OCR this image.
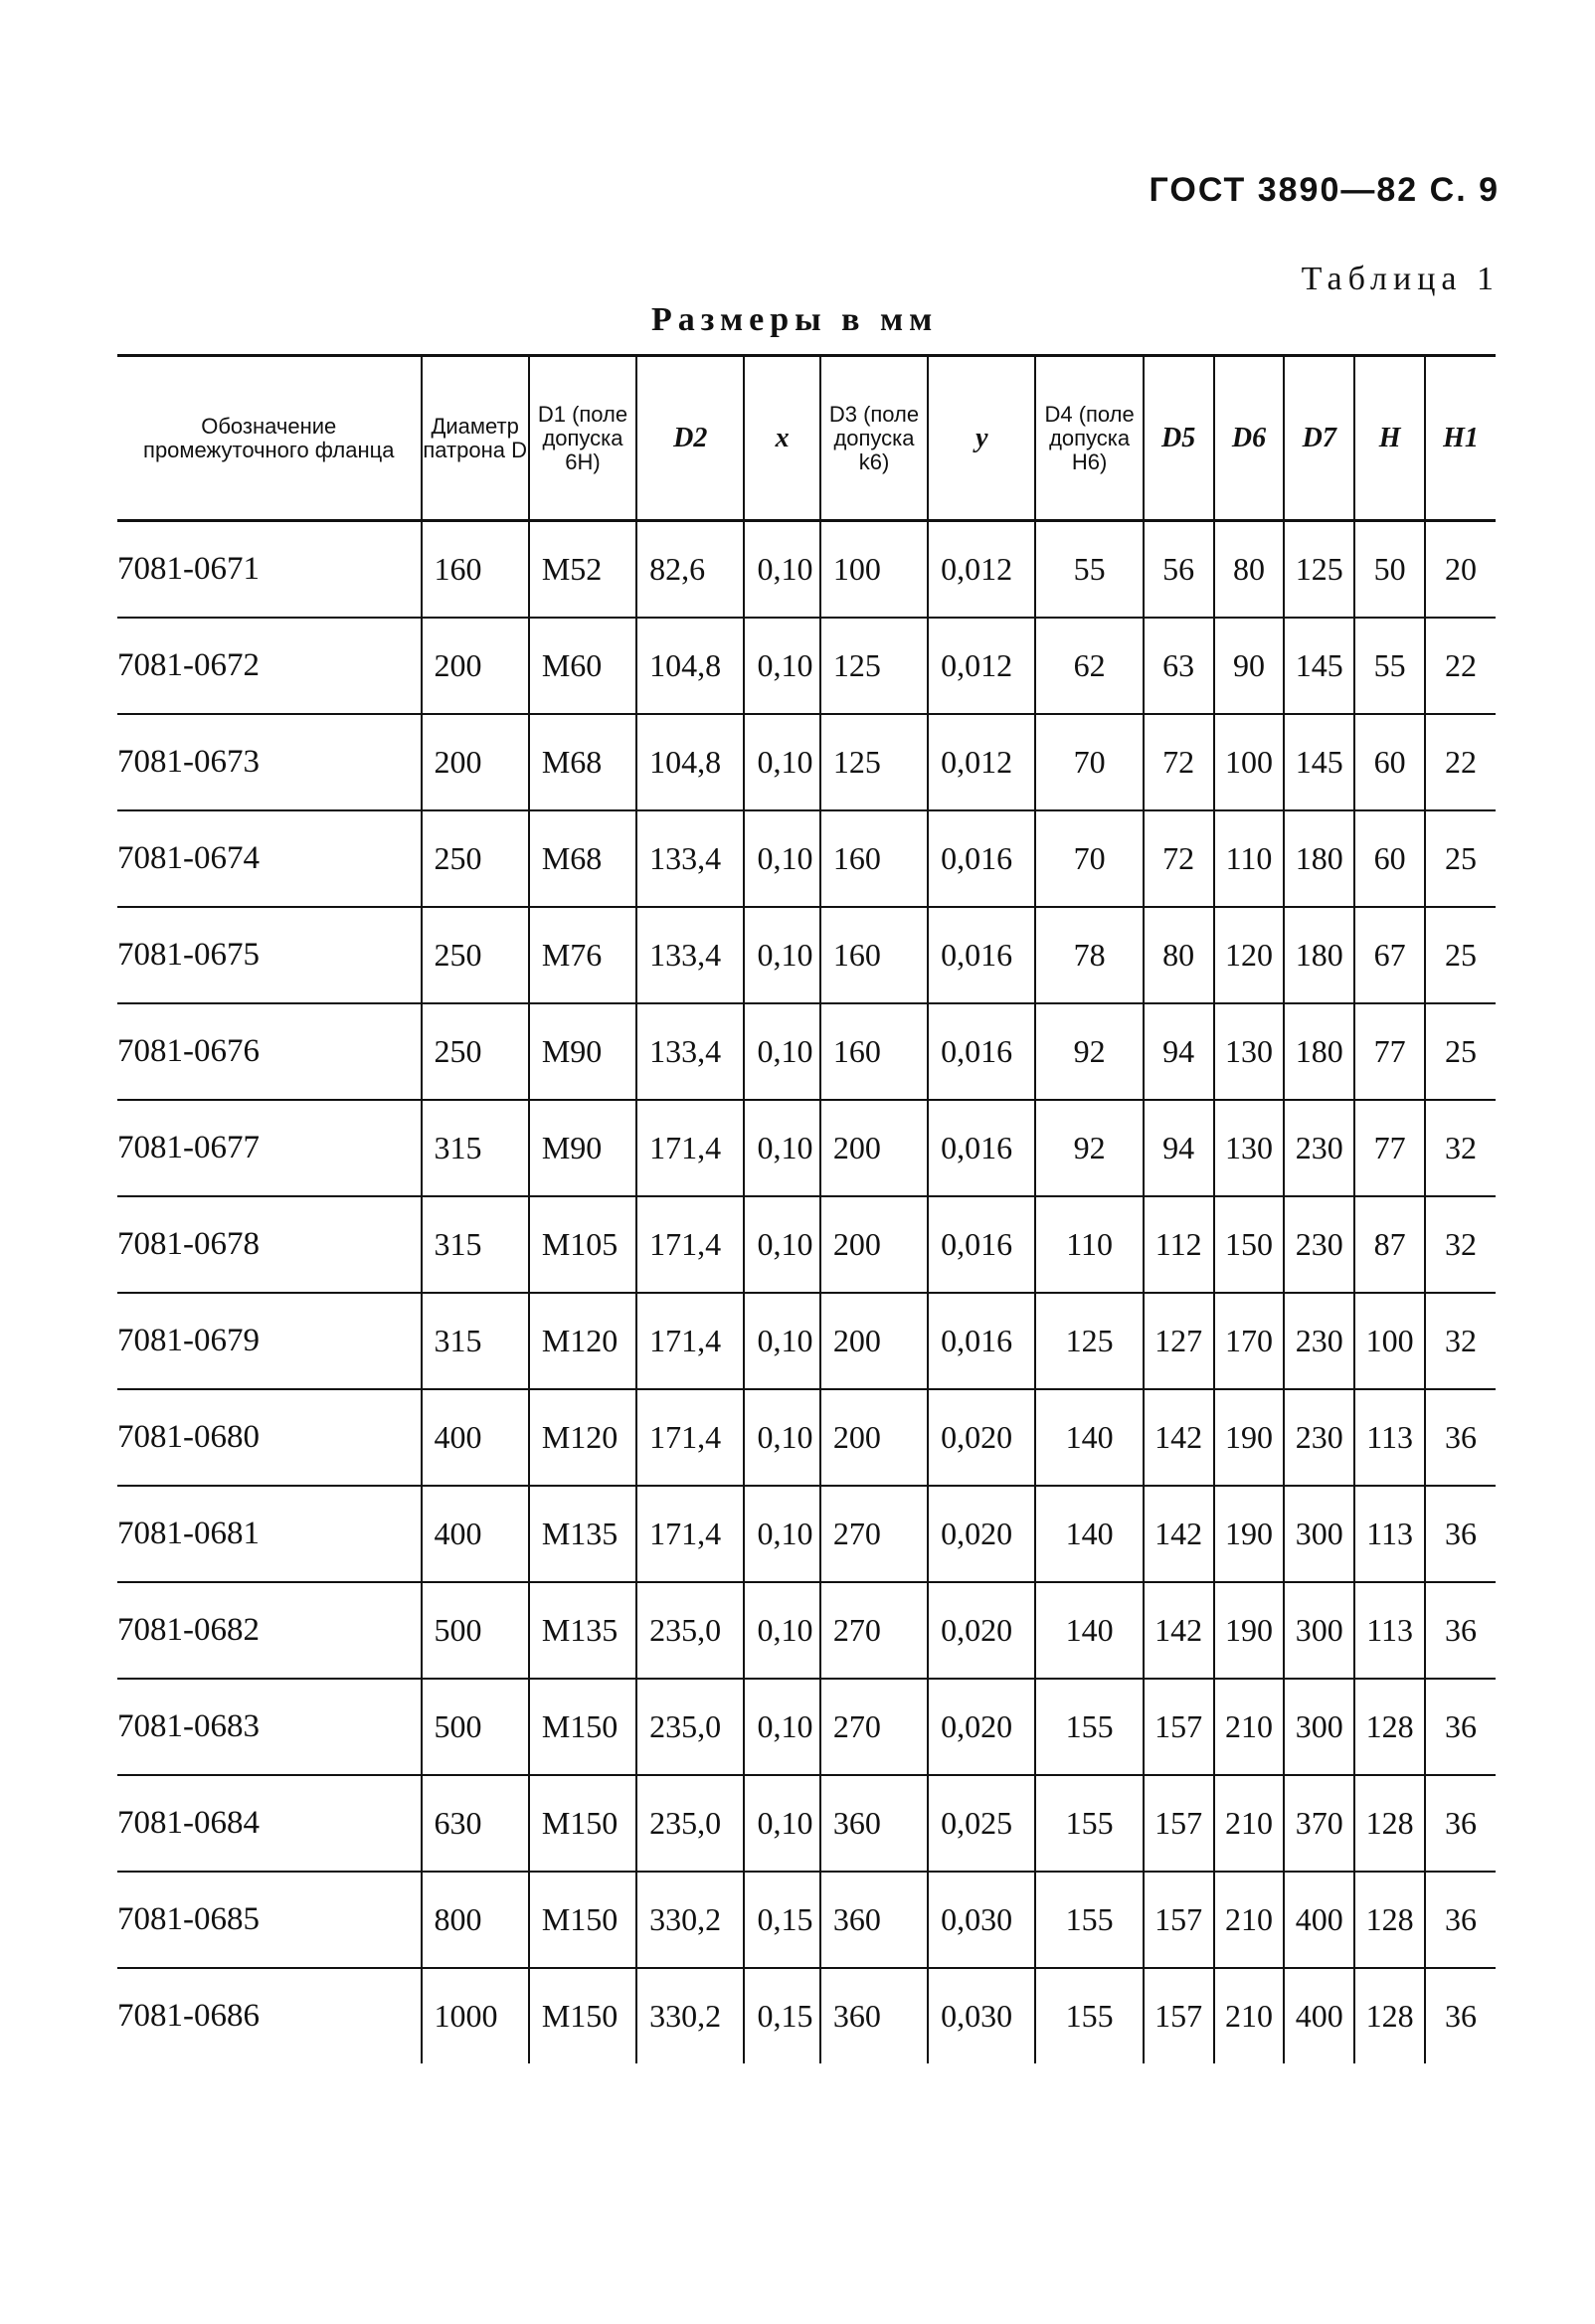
ГОСТ 3890—82 С. 9
Таблица 1
Размеры в мм
Обозначение промежуточного фланца	Диаметр патрона D	D1 (поле допуска 6H)	D2	x	D3 (поле допуска k6)	y	D4 (поле допуска H6)	D5	D6	D7	H	H1
7081-0671	160	M52	82,6	0,10	100	0,012	55	56	80	125	50	20
7081-0672	200	M60	104,8	0,10	125	0,012	62	63	90	145	55	22
7081-0673	200	M68	104,8	0,10	125	0,012	70	72	100	145	60	22
7081-0674	250	M68	133,4	0,10	160	0,016	70	72	110	180	60	25
7081-0675	250	M76	133,4	0,10	160	0,016	78	80	120	180	67	25
7081-0676	250	M90	133,4	0,10	160	0,016	92	94	130	180	77	25
7081-0677	315	M90	171,4	0,10	200	0,016	92	94	130	230	77	32
7081-0678	315	M105	171,4	0,10	200	0,016	110	112	150	230	87	32
7081-0679	315	M120	171,4	0,10	200	0,016	125	127	170	230	100	32
7081-0680	400	M120	171,4	0,10	200	0,020	140	142	190	230	113	36
7081-0681	400	M135	171,4	0,10	270	0,020	140	142	190	300	113	36
7081-0682	500	M135	235,0	0,10	270	0,020	140	142	190	300	113	36
7081-0683	500	M150	235,0	0,10	270	0,020	155	157	210	300	128	36
7081-0684	630	M150	235,0	0,10	360	0,025	155	157	210	370	128	36
7081-0685	800	M150	330,2	0,15	360	0,030	155	157	210	400	128	36
7081-0686	1000	M150	330,2	0,15	360	0,030	155	157	210	400	128	36
